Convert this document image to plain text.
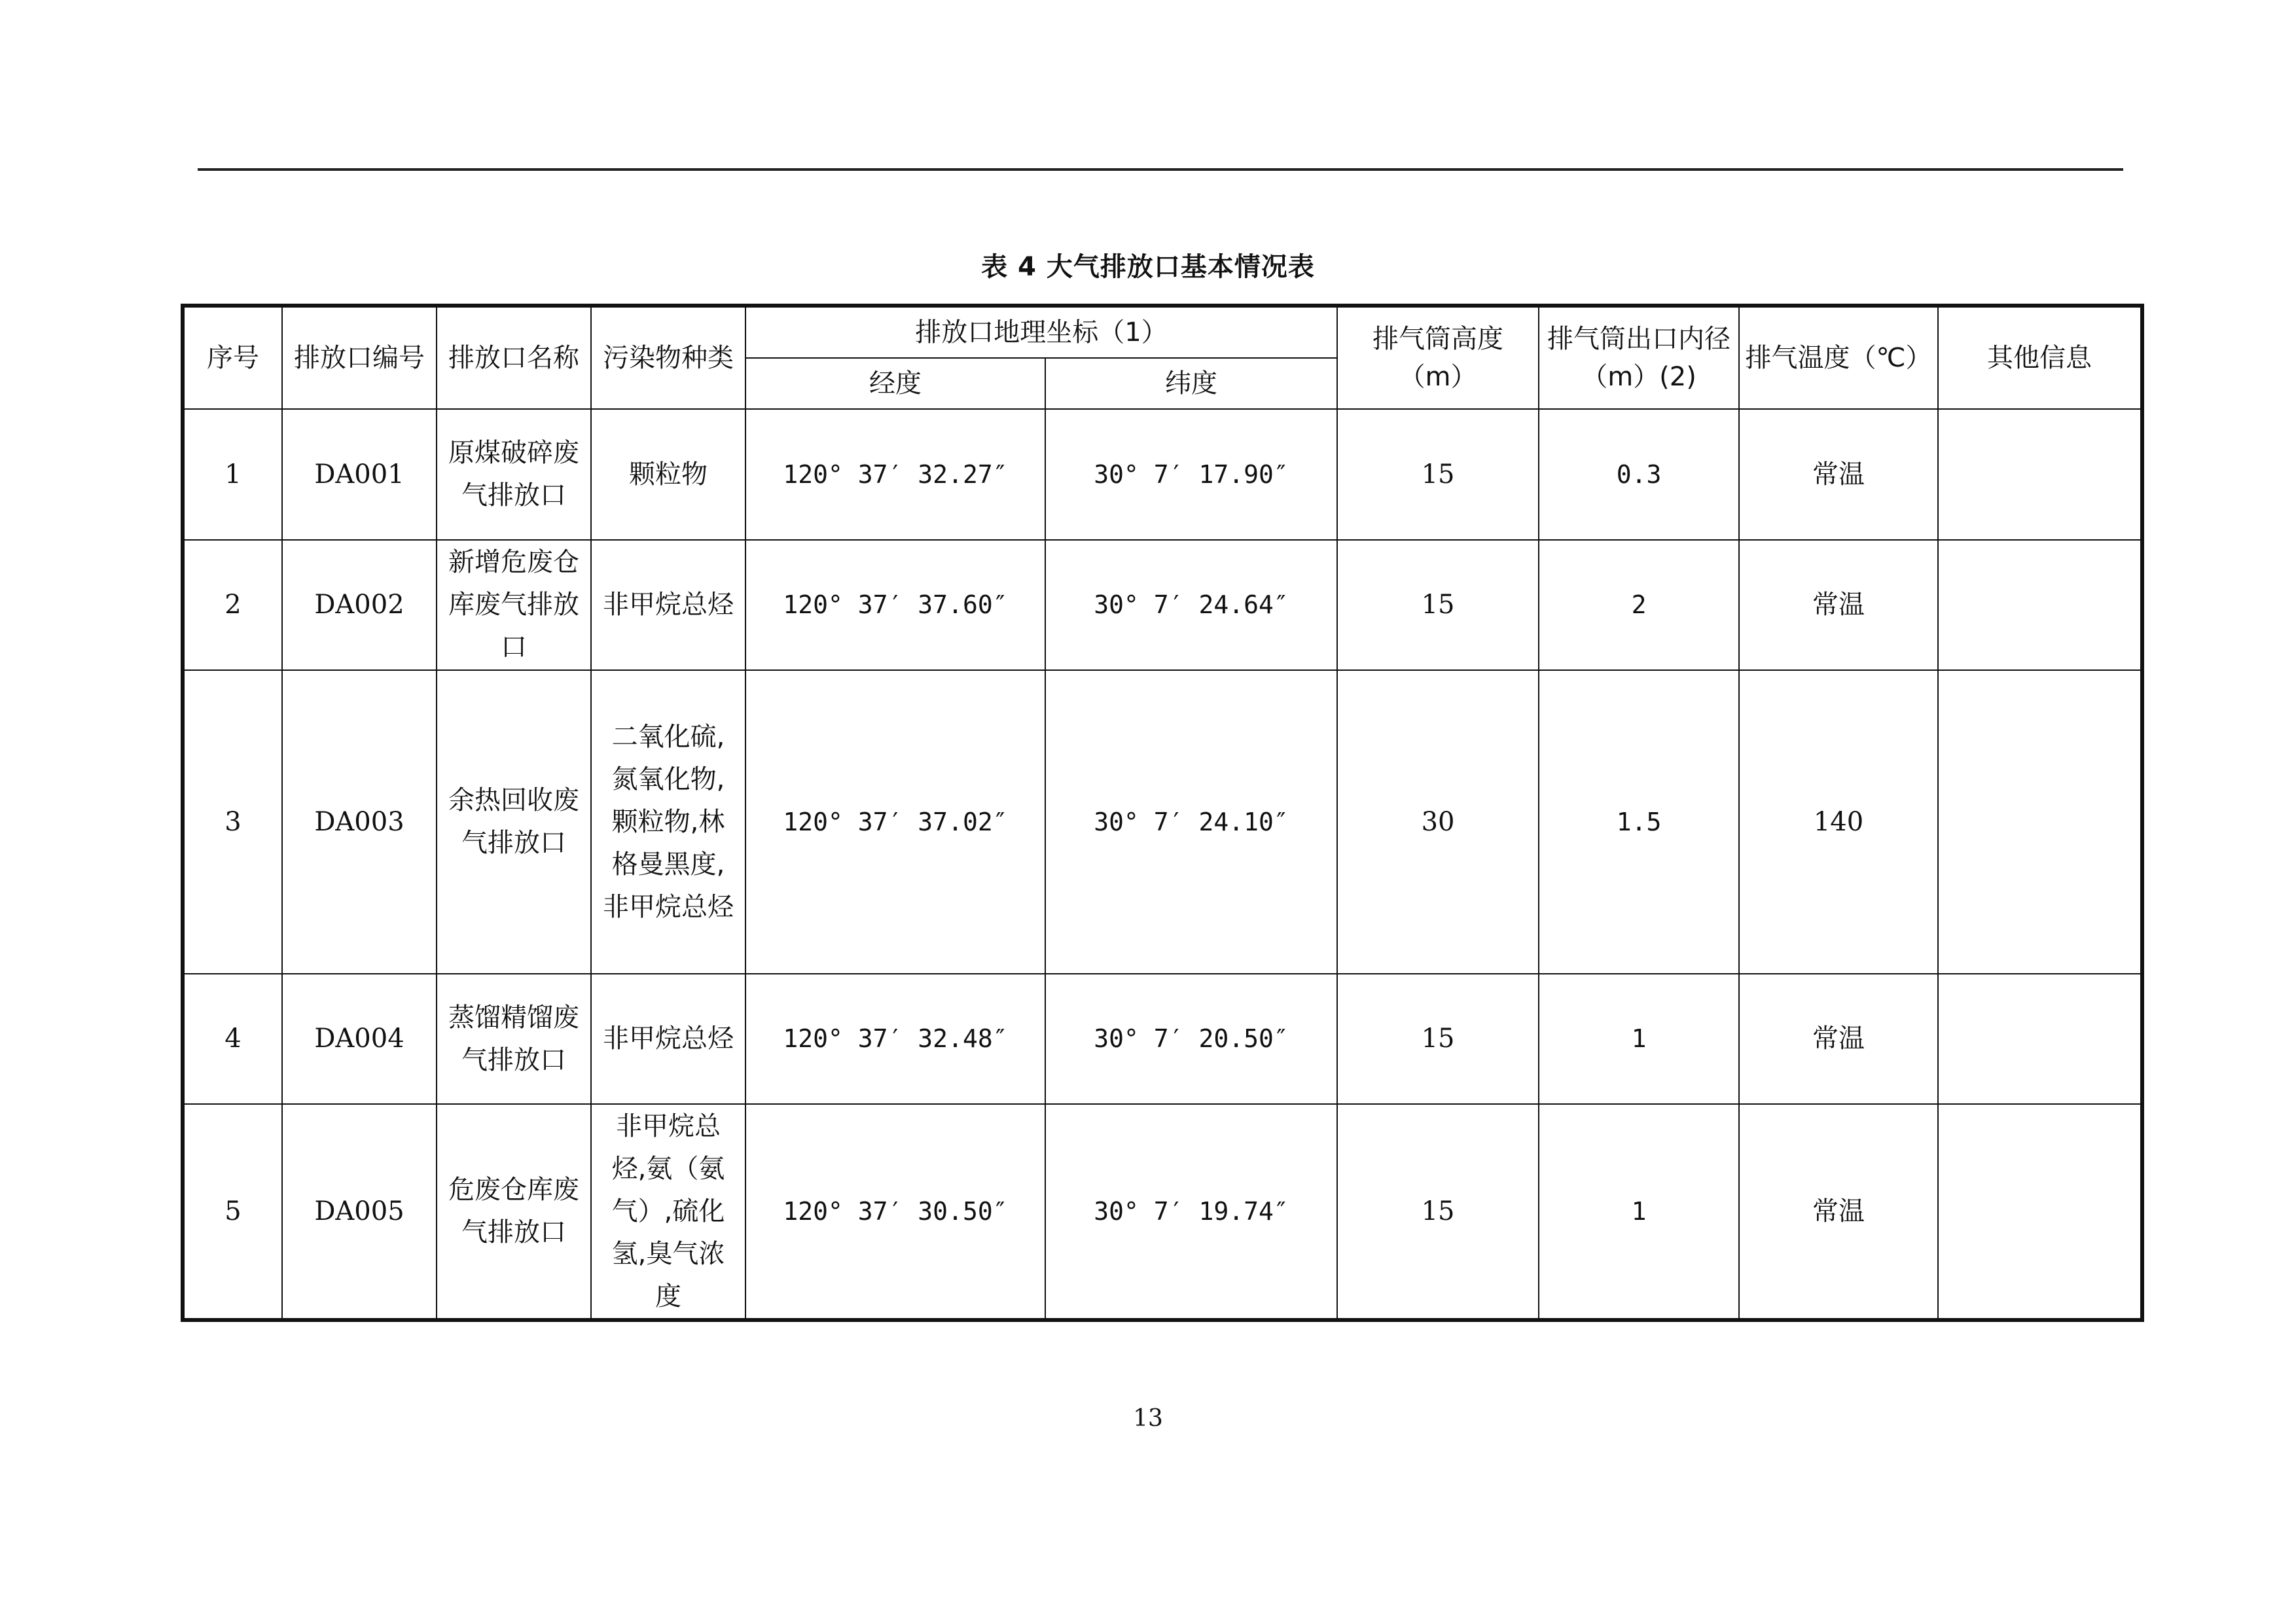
表 4 大气排放口基本情况表
序号	排放口编号	排放口名称	污染物种类	排放口地理坐标（1）		排气筒高度（m）	排气筒出口内径（m）(2)	排气温度（℃）	其他信息
				经度	纬度				
1	DA001	原煤破碎废气排放口	颗粒物	120° 37′ 32.27″	30° 7′ 17.90″	15	0.3	常温	
2	DA002	新增危废仓库废气排放口	非甲烷总烃	120° 37′ 37.60″	30° 7′ 24.64″	15	2	常温	
3	DA003	余热回收废气排放口	二氧化硫,氮氧化物,颗粒物,林格曼黑度,非甲烷总烃	120° 37′ 37.02″	30° 7′ 24.10″	30	1.5	140	
4	DA004	蒸馏精馏废气排放口	非甲烷总烃	120° 37′ 32.48″	30° 7′ 20.50″	15	1	常温	
5	DA005	危废仓库废气排放口	非甲烷总烃,氨（氨气）,硫化氢,臭气浓度	120° 37′ 30.50″	30° 7′ 19.74″	15	1	常温	
13
